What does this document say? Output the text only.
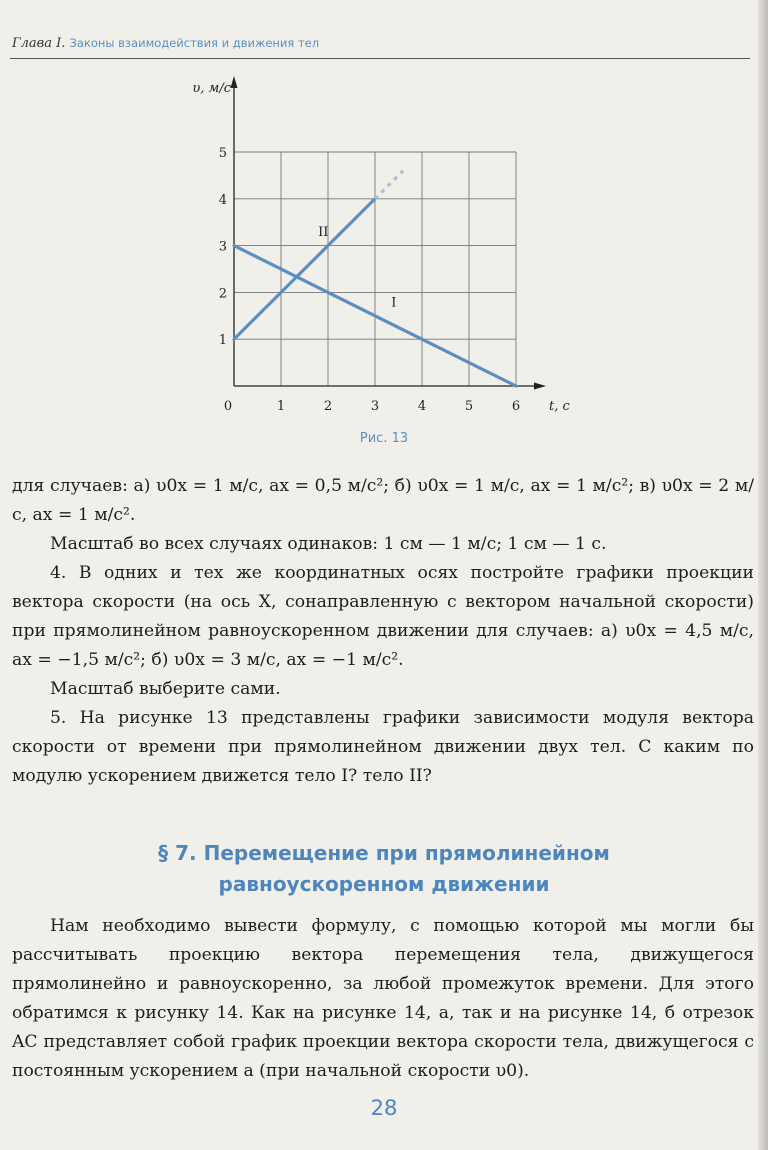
Глава I. Законы взаимодействия и движения тел
0	1	2	3	4	5	6
1
2
3
4
5
t, с
υ, м/с
I
II
Рис. 13

для случаев: а) υ0x = 1 м/с, ax = 0,5 м/с²; б) υ0x = 1 м/с, ax = 1 м/с²; в) υ0x = 2 м/с, ax = 1 м/с².

Масштаб во всех случаях одинаков: 1 см — 1 м/с; 1 см — 1 с.

4. В одних и тех же координатных осях постройте графики проекции вектора скорости (на ось X, сонаправленную с вектором начальной скорости) при прямолинейном равноускоренном движении для случаев: а) υ0x = 4,5 м/с, ax = −1,5 м/с²; б) υ0x = 3 м/с, ax = −1 м/с².

Масштаб выберите сами.

5. На рисунке 13 представлены графики зависимости модуля вектора скорости от времени при прямолинейном движении двух тел. С каким по модулю ускорением движется тело I? тело II?

§ 7. Перемещение при прямолинейном
равноускоренном движении

Нам необходимо вывести формулу, с помощью которой мы могли бы рассчитывать проекцию вектора перемещения тела, движущегося прямолинейно и равноускоренно, за любой промежуток времени. Для этого обратимся к рисунку 14. Как на рисунке 14, а, так и на рисунке 14, б отрезок AC представляет собой график проекции вектора скорости тела, движущегося с постоянным ускорением a (при начальной скорости υ0).

28
